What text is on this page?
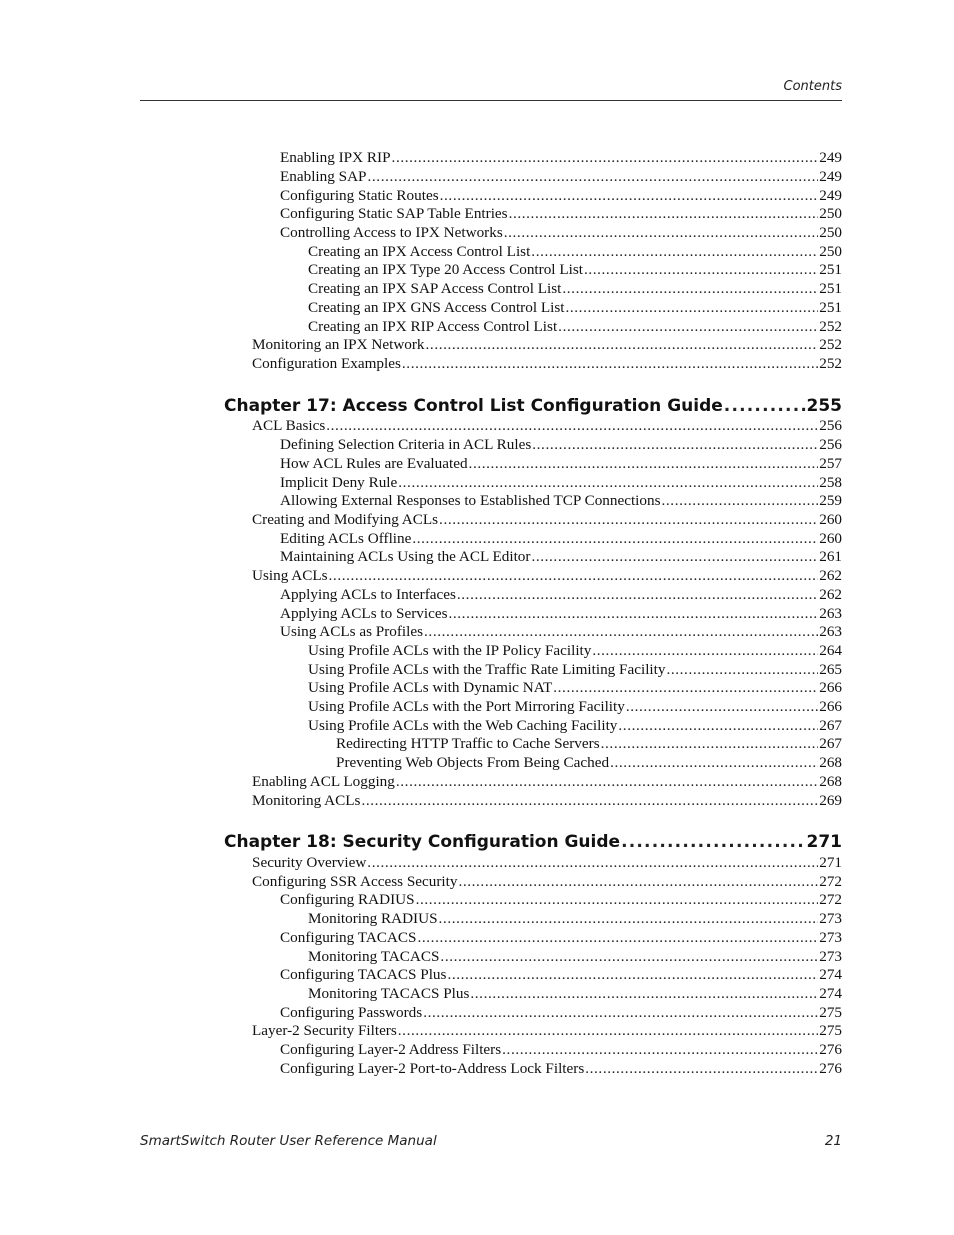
Contents
Enabling IPX RIP .....	249
Enabling SAP .....	249
Configuring Static Routes .....	249
Configuring Static SAP Table Entries .....	250
Controlling Access to IPX Networks .....	250
Creating an IPX Access Control List .....	250
Creating an IPX Type 20 Access Control List .....	251
Creating an IPX SAP Access Control List .....	251
Creating an IPX GNS Access Control List .....	251
Creating an IPX RIP Access Control List .....	252
Monitoring an IPX Network .....	252
Configuration Examples .....	252
Chapter 17: Access Control List Configuration Guide .....	255
ACL Basics .....	256
Defining Selection Criteria in ACL Rules .....	256
How ACL Rules are Evaluated .....	257
Implicit Deny Rule .....	258
Allowing External Responses to Established TCP Connections .....	259
Creating and Modifying ACLs .....	260
Editing ACLs Offline .....	260
Maintaining ACLs Using the ACL Editor .....	261
Using ACLs .....	262
Applying ACLs to Interfaces .....	262
Applying ACLs to Services .....	263
Using ACLs as Profiles .....	263
Using Profile ACLs with the IP Policy Facility .....	264
Using Profile ACLs with the Traffic Rate Limiting Facility .....	265
Using Profile ACLs with Dynamic NAT .....	266
Using Profile ACLs with the Port Mirroring Facility .....	266
Using Profile ACLs with the Web Caching Facility .....	267
Redirecting HTTP Traffic to Cache Servers .....	267
Preventing Web Objects From Being Cached .....	268
Enabling ACL Logging .....	268
Monitoring ACLs .....	269
Chapter 18: Security Configuration Guide .....	271
Security Overview .....	271
Configuring SSR Access Security .....	272
Configuring RADIUS .....	272
Monitoring RADIUS .....	273
Configuring TACACS .....	273
Monitoring TACACS .....	273
Configuring TACACS Plus .....	274
Monitoring TACACS Plus .....	274
Configuring Passwords .....	275
Layer-2 Security Filters .....	275
Configuring Layer-2 Address Filters .....	276
Configuring Layer-2 Port-to-Address Lock Filters .....	276
SmartSwitch Router User Reference Manual	21
